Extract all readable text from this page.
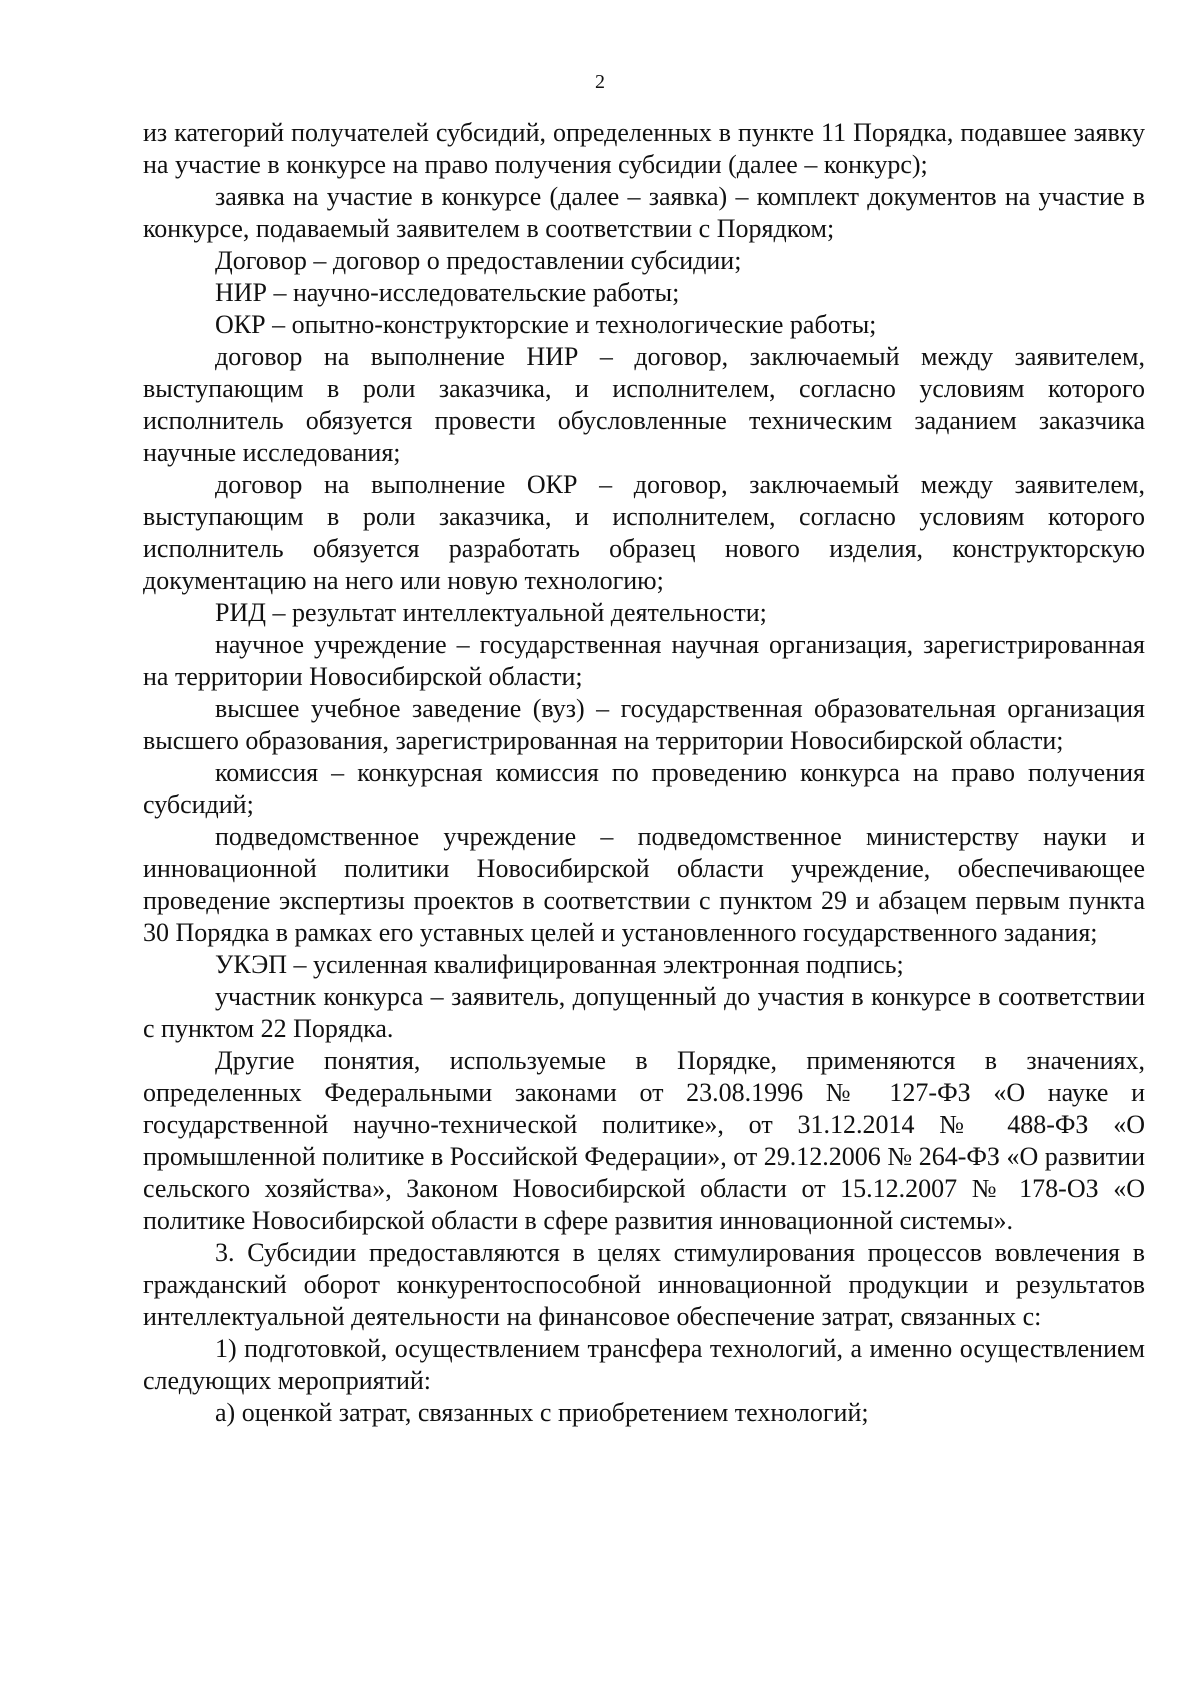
2

из категорий получателей субсидий, определенных в пункте 11 Порядка, подавшее заявку на участие в конкурсе на право получения субсидии (далее – конкурс);

заявка на участие в конкурсе (далее – заявка) – комплект документов на участие в конкурсе, подаваемый заявителем в соответствии с Порядком;

Договор – договор о предоставлении субсидии;

НИР – научно-исследовательские работы;

ОКР – опытно-конструкторские и технологические работы;

договор на выполнение НИР – договор, заключаемый между заявителем, выступающим в роли заказчика, и исполнителем, согласно условиям которого исполнитель обязуется провести обусловленные техническим заданием заказчика научные исследования;

договор на выполнение ОКР – договор, заключаемый между заявителем, выступающим в роли заказчика, и исполнителем, согласно условиям которого исполнитель обязуется разработать образец нового изделия, конструкторскую документацию на него или новую технологию;

РИД – результат интеллектуальной деятельности;

научное учреждение – государственная научная организация, зарегистрированная на территории Новосибирской области;

высшее учебное заведение (вуз) – государственная образовательная организация высшего образования, зарегистрированная на территории Новосибирской области;

комиссия – конкурсная комиссия по проведению конкурса на право получения субсидий;

подведомственное учреждение – подведомственное министерству науки и инновационной политики Новосибирской области учреждение, обеспечивающее проведение экспертизы проектов в соответствии с пунктом 29 и абзацем первым пункта 30 Порядка в рамках его уставных целей и установленного государственного задания;

УКЭП – усиленная квалифицированная электронная подпись;

участник конкурса – заявитель, допущенный до участия в конкурсе в соответствии с пунктом 22 Порядка.

Другие понятия, используемые в Порядке, применяются в значениях, определенных Федеральными законами от 23.08.1996 № 127-ФЗ «О науке и государственной научно-технической политике», от 31.12.2014 № 488-ФЗ «О промышленной политике в Российской Федерации», от 29.12.2006 № 264-ФЗ «О развитии сельского хозяйства», Законом Новосибирской области от 15.12.2007 № 178-ОЗ «О политике Новосибирской области в сфере развития инновационной системы».

3. Субсидии предоставляются в целях стимулирования процессов вовлечения в гражданский оборот конкурентоспособной инновационной продукции и результатов интеллектуальной деятельности на финансовое обеспечение затрат, связанных с:

1) подготовкой, осуществлением трансфера технологий, а именно осуществлением следующих мероприятий:

а) оценкой затрат, связанных с приобретением технологий;
